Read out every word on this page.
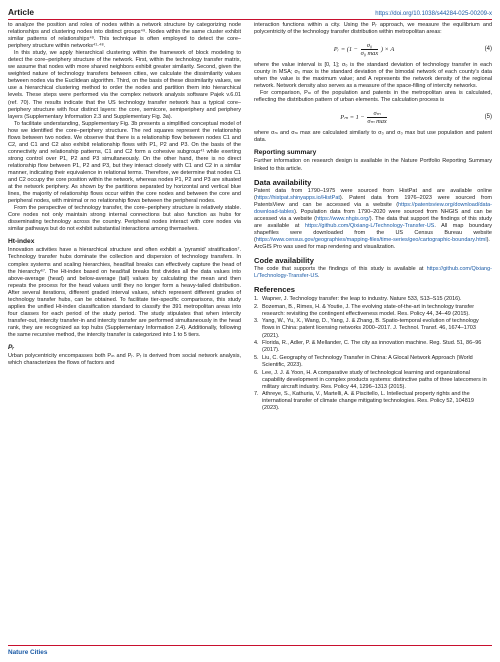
Article	https://doi.org/10.1038/s44284-025-00209-x

to analyze the position and roles of nodes within a network structure by categorizing node relationships and clustering nodes into distinct groups⁴⁹. Nodes within the same cluster exhibit similar patterns of relationships⁴⁹. This technique is often employed to detect the core–periphery structure within networks⁴¹·⁴⁸.

In this study, we apply hierarchical clustering within the framework of block modeling to detect the core–periphery structure of the network. First, within the technology transfer matrix, we assume that nodes with more shared neighbors exhibit greater similarity. Second, given the weighted nature of technology transfers between cities, we calculate the dissimilarity values between nodes via the Euclidean algorithm. Third, on the basis of these dissimilarity values, we use a hierarchical clustering method to order the nodes and partition them into hierarchical levels. These steps were performed via the complex network analysis software Pajek v.6.01 (ref. 70). The results indicate that the US technology transfer network has a typical core–periphery structure with four distinct layers: the core, semicore, semiperiphery and periphery layers (Supplementary Information 2.3 and Supplementary Fig. 3a).

To facilitate understanding, Supplementary Fig. 3b presents a simplified conceptual model of how we identified the core–periphery structure. The red squares represent the relationship flows between two nodes. We observe that there is a relationship flow between nodes C1 and C2, and C1 and C2 also exhibit relationship flows with P1, P2 and P3. On the basis of the connectivity and relationship patterns, C1 and C2 form a cohesive subgroup⁴¹ while exerting strong control over P1, P2 and P3 simultaneously. On the other hand, there is no direct relationship flow between P1, P2 and P3, but they interact closely with C1 and C2 in a similar manner, indicating their equivalence in relational terms. Therefore, we determine that nodes C1 and C2 occupy the core position within the network, whereas nodes P1, P2 and P3 are situated at the network periphery. As shown by the partitions separated by horizontal and vertical blue lines, the majority of relationship flows occur within the core nodes and between the core and peripheral nodes, with minimal or no relationship flows between the peripheral nodes.

From the perspective of technology transfer, the core–periphery structure is relatively stable. Core nodes not only maintain strong internal connections but also function as hubs for disseminating technology across the country. Peripheral nodes interact with core nodes via similar pathways but do not exhibit substantial interactions among themselves.

Ht-index

Innovation activities have a hierarchical structure and often exhibit a ‘pyramid’ stratification⁷. Technology transfer hubs dominate the collection and dispersion of technology transfers. In complex systems and scaling hierarchies, head/tail breaks can effectively capture the head of the hierarchy⁶⁷. The Ht-index based on head/tail breaks first divides all the data values into above-average (head) and below-average (tail) values by calculating the mean and then repeats the process for the head values until they no longer form a heavy-tailed distribution. After several iterations, different graded interval values, which represent different grades of technology transfer hubs, can be obtained. To facilitate tier-specific comparisons, this study applies the unified Ht-index classification standard to classify the 391 metropolitan areas into four classes for each period of the study period. The study stipulates that when intercity transfer-out, intercity transfer-in and intercity transfer are performed simultaneously in the head rank, they are recognized as top hubs (Supplementary Information 2.4). Additionally, following the same recursive method, the intercity transfer is categorized into 1 to 5 tiers.

Pᵣ

Urban polycentricity encompasses both Pₘ and Pᵣ. Pᵣ is derived from social network analysis, which characterizes the flows of factors and

interaction functions within a city. Using the Pᵣ approach, we measure the equilibrium and polycentricity of the technology transfer distribution within metropolitan areas:

Pᵣ = ($1 - \frac{\text{σ₀}}{\text{σ₀ max}}$ ) × A	(4)

where the value interval is [0, 1]; σ₀ is the standard deviation of technology transfer in each county in MSA; σ₀ max is the standard deviation of the bimodal network of each county’s data when the value is the maximum value; and A represents the network density of the regional network. Network density also serves as a measure of the space-filling of intercity networks.

For comparison, Pₘ of the population and patents in the metropolitan area is calculated, reflecting the distribution pattern of urban elements. The calculation process is

$P_m = 1 - \frac{\text{σₘ}}{\text{σₘ max}}$	(5)

where σₘ and σₘ max are calculated similarly to σ₀ and σ₀ max but use population and patent data.

Reporting summary

Further information on research design is available in the Nature Portfolio Reporting Summary linked to this article.

Data availability

Patent data from 1790–1975 were sourced from HistPat and are available online (https://histpat.shinyapps.io/HistPat). Patent data from 1976–2023 were sourced from PatentsView and can be accessed via a website (https://patentsview.org/download/data-download-tables). Population data from 1790–2020 were sourced from NHGIS and can be accessed via a website (https://www.nhgis.org/). The data that support the findings of this study are available at https://github.com/Qixiang-L/Technology-Transfer-US. All map boundary shapefiles were downloaded from the US Census Bureau website (https://www.census.gov/geographies/mapping-files/time-series/geo/cartographic-boundary.html). ArcGIS Pro was used for map rendering and visualization.

Code availability

The code that supports the findings of this study is available at https://github.com/Qixiang-L/Technology-Transfer-US.

References
1. Wapner, J. Technology transfer: the leap to industry. Nature 533, S13–S15 (2016).
2. Bozeman, B., Rimes, H. & Youtie, J. The evolving state-of-the-art in technology transfer research: revisiting the contingent effectiveness model. Res. Policy 44, 34–49 (2015).
3. Yang, W., Yu, X., Wang, D., Yang, J. & Zhang, B. Spatio-temporal evolution of technology flows in China: patent licensing networks 2000–2017. J. Technol. Transf. 46, 1674–1703 (2021).
4. Florida, R., Adler, P. & Mellander, C. The city as innovation machine. Reg. Stud. 51, 86–96 (2017).
5. Liu, C. Geography of Technology Transfer in China: A Glocal Network Approach (World Scientific, 2023).
6. Lee, J. J. & Yoon, H. A comparative study of technological learning and organizational capability development in complex products systems: distinctive paths of three latecomers in military aircraft industry. Res. Policy 44, 1296–1313 (2015).
7. Athreye, S., Kathuria, V., Martelli, A. & Piscitello, L. Intellectual property rights and the international transfer of climate change mitigating technologies. Res. Policy 52, 104819 (2023).
Nature Cities
